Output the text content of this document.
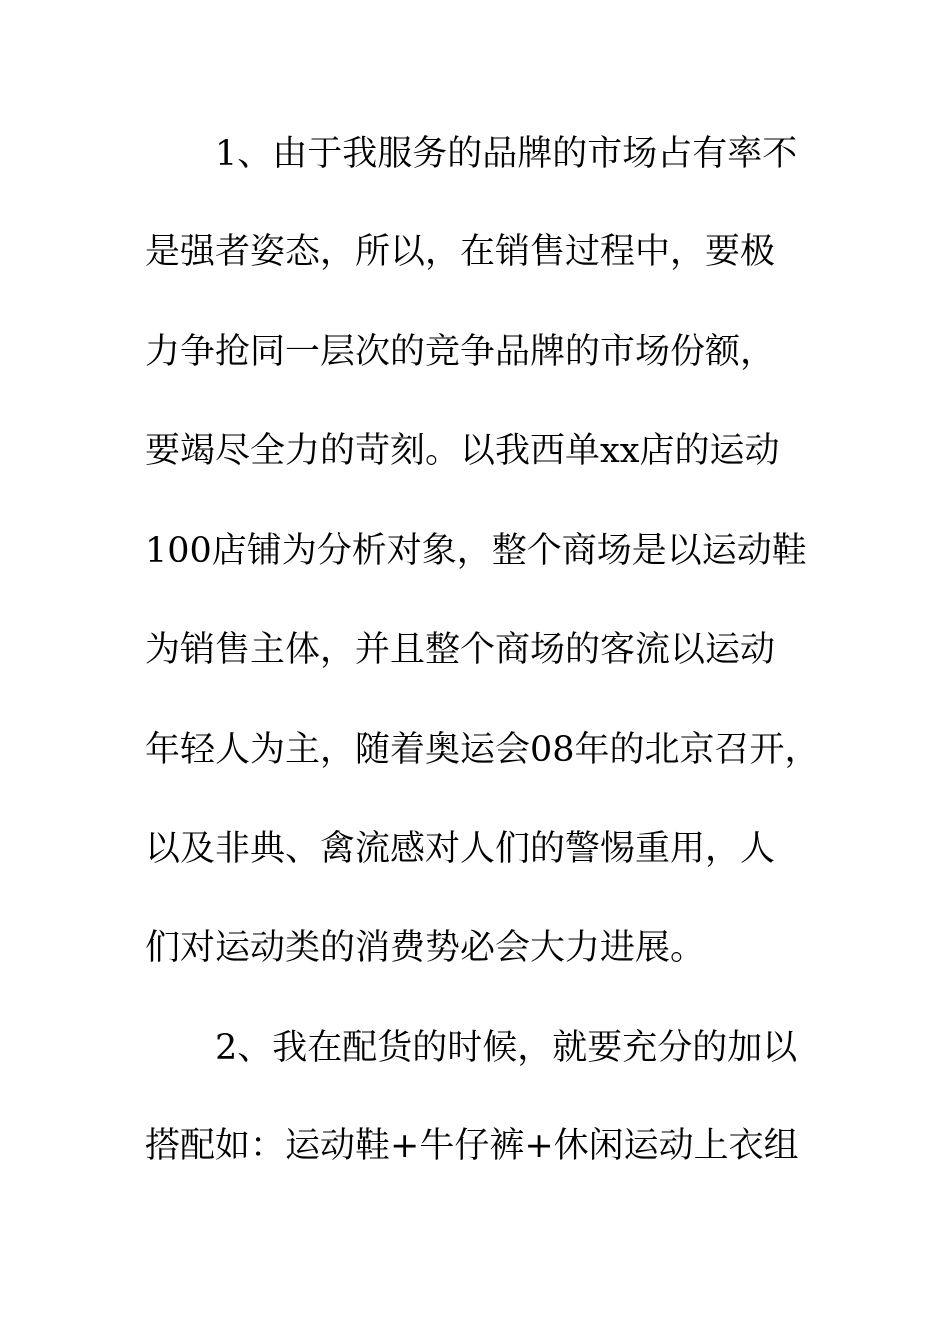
1、由于我服务的品牌的市场占有率不
是强者姿态，所以，在销售过程中，要极
力争抢同一层次的竞争品牌的市场份额，
要竭尽全力的苛刻。以我西单xx店的运动
100店铺为分析对象，整个商场是以运动鞋
为销售主体，并且整个商场的客流以运动
年轻人为主，随着奥运会08年的北京召开，
以及非典、禽流感对人们的警惕重用，人
们对运动类的消费势必会大力进展。
2、我在配货的时候，就要充分的加以
搭配如：运动鞋+牛仔裤+休闲运动上衣组
